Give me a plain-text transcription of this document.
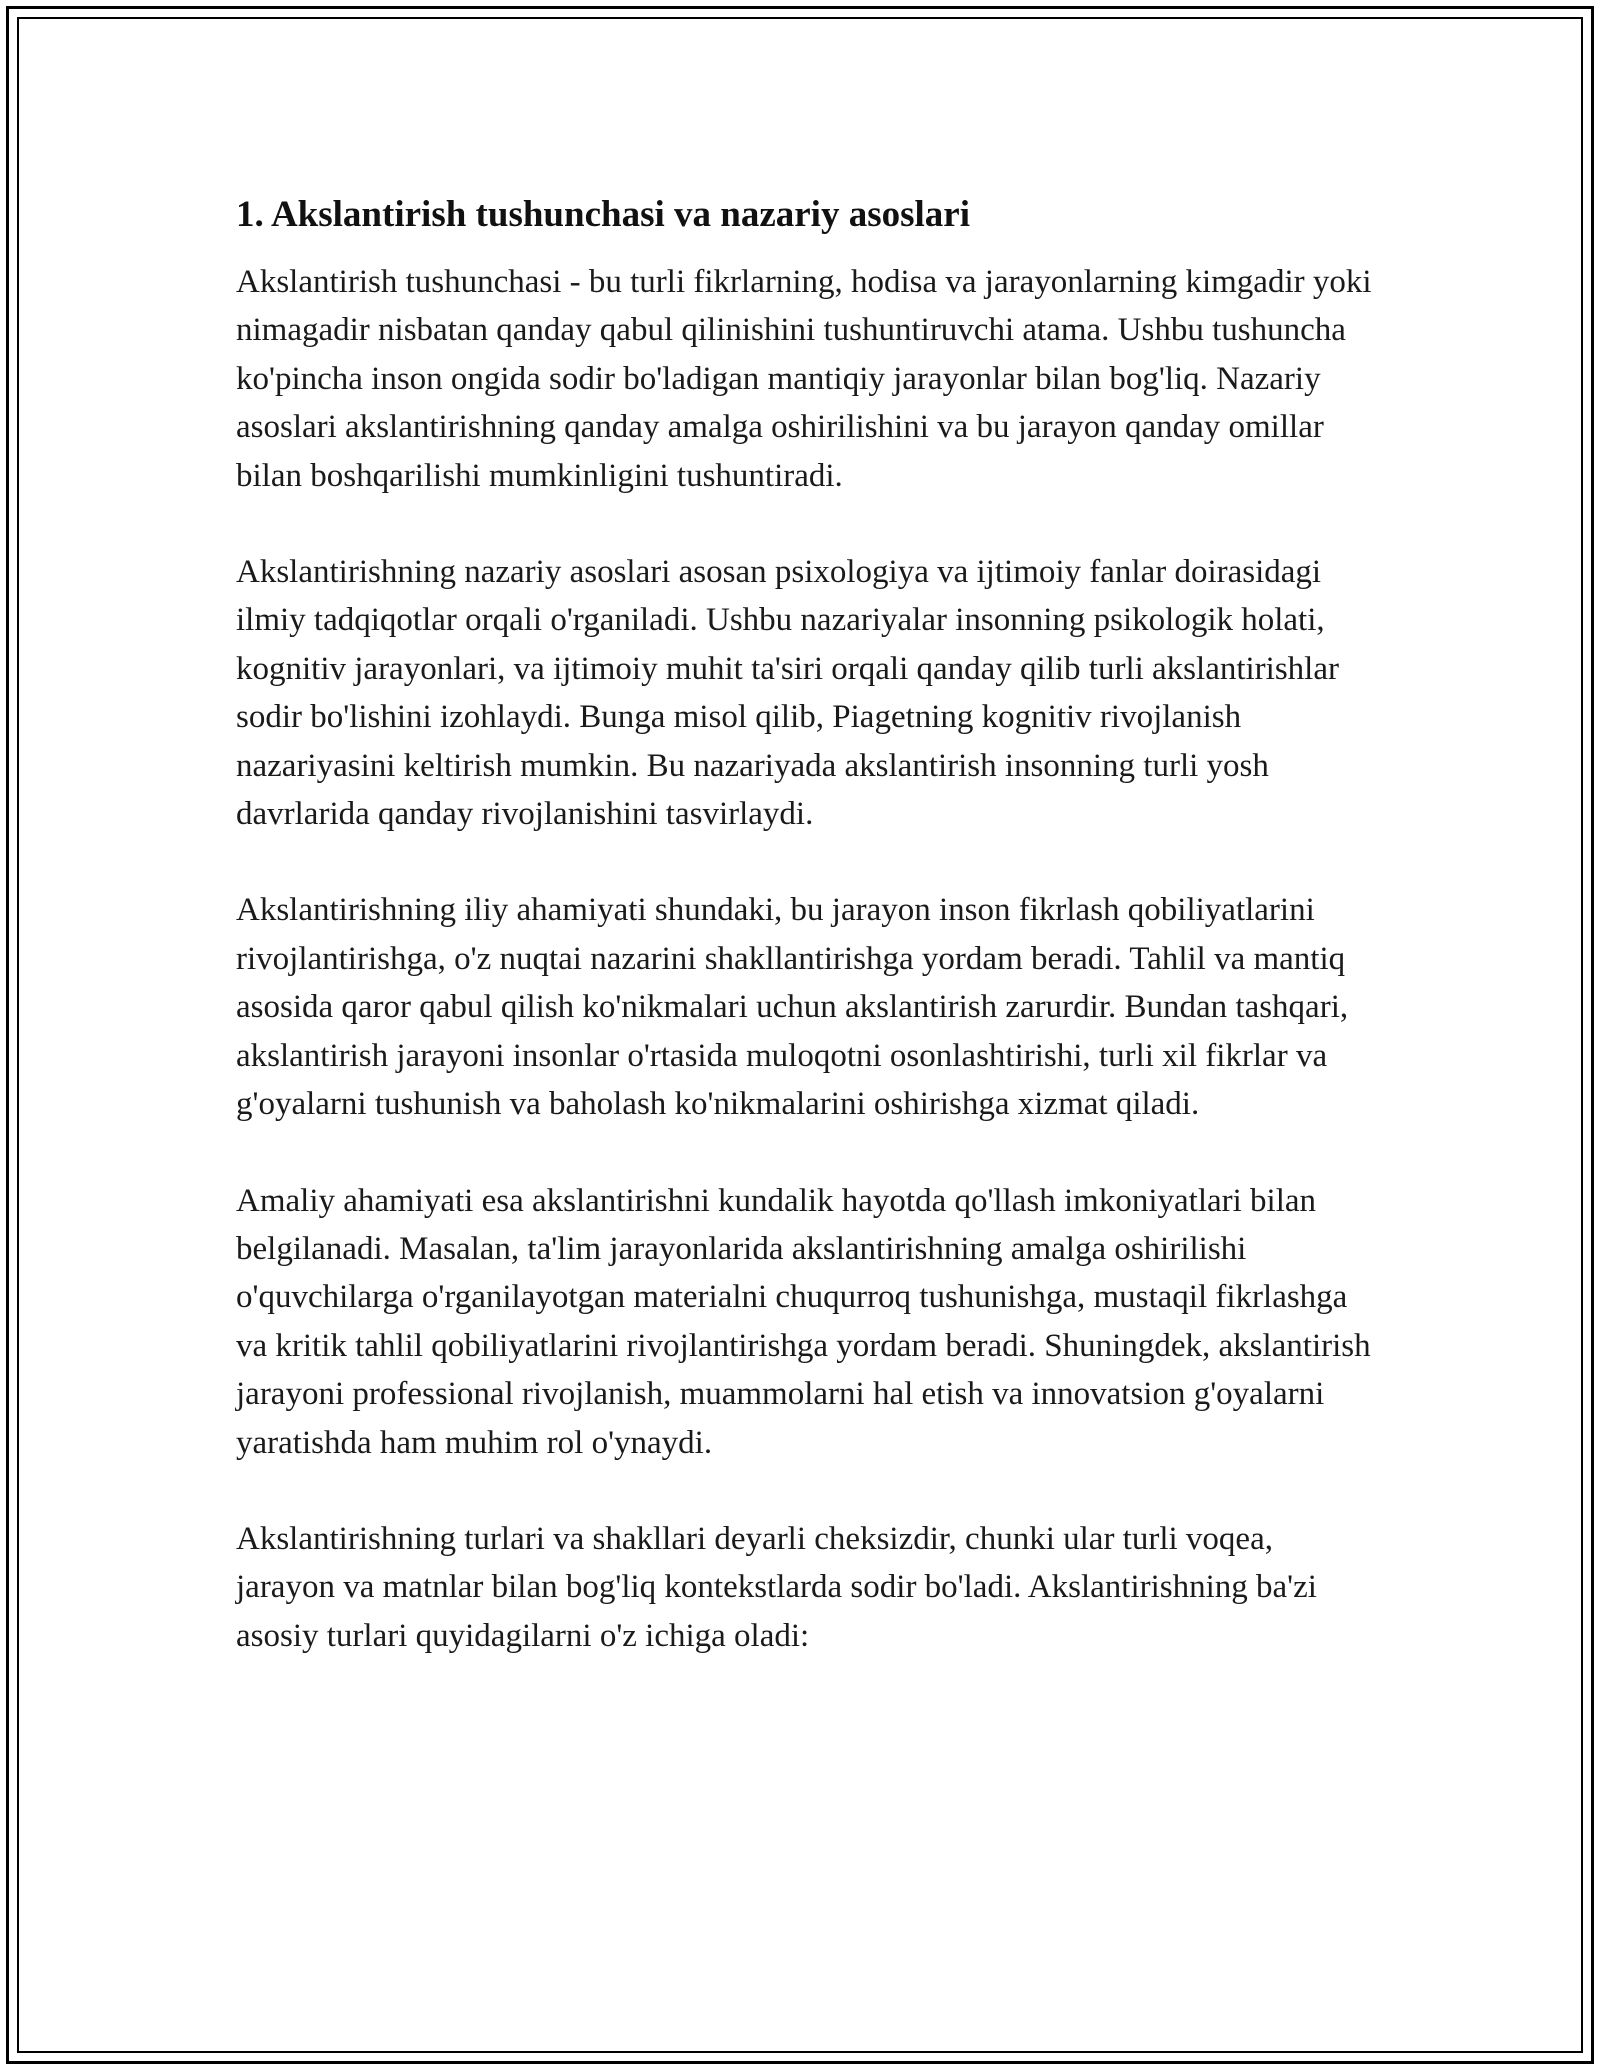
1. Akslantirish tushunchasi va nazariy asoslari

Akslantirish tushunchasi - bu turli fikrlarning, hodisa va jarayonlarning kimgadir yoki nimagadir nisbatan qanday qabul qilinishini tushuntiruvchi atama. Ushbu tushuncha ko'pincha inson ongida sodir bo'ladigan mantiqiy jarayonlar bilan bog'liq. Nazariy asoslari akslantirishning qanday amalga oshirilishini va bu jarayon qanday omillar bilan boshqarilishi mumkinligini tushuntiradi.

Akslantirishning nazariy asoslari asosan psixologiya va ijtimoiy fanlar doirasidagi ilmiy tadqiqotlar orqali o'rganiladi. Ushbu nazariyalar insonning psikologik holati, kognitiv jarayonlari, va ijtimoiy muhit ta'siri orqali qanday qilib turli akslantirishlar sodir bo'lishini izohlaydi. Bunga misol qilib, Piagetning kognitiv rivojlanish nazariyasini keltirish mumkin. Bu nazariyada akslantirish insonning turli yosh davrlarida qanday rivojlanishini tasvirlaydi.

Akslantirishning iliy ahamiyati shundaki, bu jarayon inson fikrlash qobiliyatlarini rivojlantirishga, o'z nuqtai nazarini shakllantirishga yordam beradi. Tahlil va mantiq asosida qaror qabul qilish ko'nikmalari uchun akslantirish zarurdir. Bundan tashqari, akslantirish jarayoni insonlar o'rtasida muloqotni osonlashtirishi, turli xil fikrlar va g'oyalarni tushunish va baholash ko'nikmalarini oshirishga xizmat qiladi.

Amaliy ahamiyati esa akslantirishni kundalik hayotda qo'llash imkoniyatlari bilan belgilanadi. Masalan, ta'lim jarayonlarida akslantirishning amalga oshirilishi o'quvchilarga o'rganilayotgan materialni chuqurroq tushunishga, mustaqil fikrlashga va kritik tahlil qobiliyatlarini rivojlantirishga yordam beradi. Shuningdek, akslantirish jarayoni professional rivojlanish, muammolarni hal etish va innovatsion g'oyalarni yaratishda ham muhim rol o'ynaydi.

Akslantirishning turlari va shakllari deyarli cheksizdir, chunki ular turli voqea, jarayon va matnlar bilan bog'liq kontekstlarda sodir bo'ladi. Akslantirishning ba'zi asosiy turlari quyidagilarni o'z ichiga oladi:
